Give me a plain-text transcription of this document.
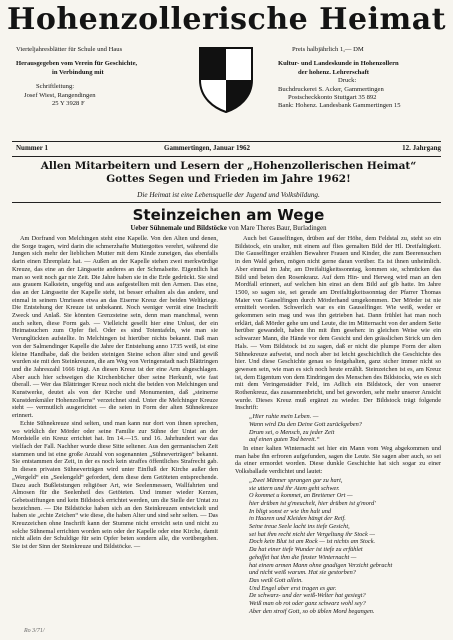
Hohenzollerische Heimat
Vierteljahresblätter für Schule und Haus
Herausgegeben vom Verein für Geschichte,
in Verbindung mit
Schriftleitung:
Josef Wiest, Rangendingen
25 Y 3928 F
Preis halbjährlich 1,— DM
Kultur- und Landeskunde in Hohenzollern
der hohenz. Lehrerschaft
Druck:
Buchdruckerei S. Acker, Gammertingen
Postscheckkonto Stuttgart 35 892
Bank: Hohenz. Landesbank Gammertingen 15
Nummer 1	Gammertingen, Januar 1962	12. Jahrgang
Allen Mitarbeitern und Lesern der „Hohenzollerischen Heimat“
Gottes Segen und Frieden im Jahre 1962!
Die Heimat ist eine Lebensquelle der Jugend und Volksbildung.
Steinzeichen am Wege
Ueber Sühnemale und Bildstöcke von Mare Theres Baur, Burladingen

Am Dorfrand von Melchingen steht eine Kapelle. Von den Alten und denen, die Sorge tragen, wird darin die schmerzhafte Muttergottes verehrt, während die Jungen sich mehr der lieblichen Mutter mit dem Kinde zuneigen, das ebenfalls darin einen Ehrenplatz hat. — Außen an der Kapelle stehen zwei merkwürdige Kreuze, das eine an der Längsseite anderes an der Schmalseite. Eigentlich hat man so weit noch gar nie Zeit. Die Jahre haben sie in die Erde gedrückt. Sie sind aus grauem Kalkstein, ungefüg und aus aufgestellten mit den Armen. Das eine, das an der Längsseite der Kapelle steht, ist besser erhalten als das andere, und einmal in seinem Umrissen etwa an das Eiserne Kreuz der beiden Weltkriege. Die Entstehung der Kreuze ist unbekannt. Noch weniger verrät eine Inschrift Zweck und Anlaß. Sie könnten Grenzsteine sein, denn man manchmal, wenn auch selten, diese Form gab. — Vielleicht gesellt hier eine Unlust, der ein Heimatsuchen zum Opfer fiel. Oder es sind Totentafeln, wie man sie Verunglückten aufstellte. In Melchingen ist hierüber nichts bekannt. Daß man von der Salmendinger Kapelle die Jahre der Entstehung anno 1735 weiß, ist eine kleine Handhabe, daß die beiden steinigen Steine schon älter sind und gewiß wurden sie mit den Steinkreuzen, die am Weg von Veringenstadt nach Blättringen und die Jahreszahl 1666 trägt. An diesen Kreuz ist der eine Arm abgeschlagen. Aber auch hier schweigen die Kirchenbücher über seine Herkunft, wie fast überall. — Wer das Blättringer Kreuz noch nicht die beiden von Melchingen und Kunstwerke, deutet als von der Kirche und Monumenten, daß „steinerne Kunstdenkmäler Hohenzollerns“ verzeichnet sind. Unter die Melchinger Kreuze steht — vermutlich ausgerichtet — die seien in Form der alten Sühnekreuze erinnert.

Echte Sühnekreuze sind selten, und man kann nur dort von ihnen sprechen, wo wirklich der Mörder oder seine Familie zur Sühne der Untat an der Mordstelle ein Kreuz errichtet hat. Im 14.—15. und 16. Jahrhundert war das vielfach der Fall. Nachher wurde diese Sitte seltener. Aus den germanischen Zeit stammen und ist eine große Anzahl von sogenannten „Sühneverträgen“ bekannt. Sie entstammen der Zeit, in der es noch kein straffes öffentliches Strafrecht gab. In diesen privaten Sühneverträgen wird unter Einfluß der Kirche außer den „Wergeld“ ein „Seelengeld“ gefordert, dem diese dem Getöteten entsprechende. Dazu auch Bußleistungen religiöser Art, wie Seelenmessen, Wallfahrten und Almosen für die Seelenheil des Getöteten. Und immer wieder Kerzen, Gebetsstiftungen und kein Bildstock errichtet werden, um die Stelle der Untat zu bezeichnen. — Die Bildstöcke haben sich an den Steinkreuzen entwickelt und haben sie „echte Zeichen“ wie diese, die haben Alter und sind sehr selten. — Das Kreuzzeichen ohne Inschrift kann der Stumme nicht erreicht sein und nicht zu solche Sühnemal errichten worden sein oder der Kapelle oder eine Kirche, damit nicht allein der Schuldige für sein Opfer beten sondern alle, die vorübergehen. Sie ist der Sinn der Steinkreuze und Bildstöcke. —

Auch bei Gauselfingen, drüben auf der Höhe, dem Feldstal zu, steht so ein Bildstock, ein uralter, mit einem auf flies gemalten Bild der Hl. Dreifaltigkeit. Die Gauselfinger erzählen Bewahrer Frauen und Kinder, die zum Beerensuchen in den Wald gehen, mögen nicht gerne daran vorüber. Es ist ihnen unheimlich. Aber einmal im Jahr, am Dreifaltigkeitssonntag, kommen sie, schmücken das Bild und beten den Rosenkranz. Auf dem Hin- und Herweg wird man an den Mordfall erinnert, auf welchen hin einst an dem Bild auf gib hatte. Im Jahre 1500, so sagen sie, sei gerade am Dreifaltigkeitssonntag der Pfarrer Thomas Maier von Gauselfingen durch Mörderhand umgekommen. Der Mörder ist nie ermittelt worden. Schwerlich war es ein Gauselfinger. Wie weiß, weder er gekommen sein mag und was ihn getrieben hat. Dann frühlet hat man noch erklärt, daß Mörder gehe um und Leute, die im Mitternacht von der andern Seite herüber gewandelt, haben ihn mit ihm gesehen: in gleichen Weise wie ein schwarzer Mann, die Hände vor dem Gesicht und den grässlichen Strick um den Hals. — Vom Bildstock ist zu sagen, daß er nicht die plumpe Form der alten Sühnekreuze aufweist, und noch aber ist leicht geschichtlich die Geschichte des hier. Und diese Geschichte genau so festgehalten, ganz sicher immer nicht so gewesen sein, wie man es sich noch heute erzählt. Steinzeichen ist es, am Kreuz ist, dem Eigentum von dem Eindringen des Menschen des Bildstocks, wie es sich mit dem Veringenstädter Feld, im Adlich ein Bildstock, der von unserer Rothenkreuz, das zusammenbricht, und bei geworden, sehr mehr unserer Ansicht wurde. Dieses Kreuz muß ergänzt zu wieder. Der Bildstock trägt folgende Inschrift:

„Hier ruhte mein Leben. —
Wann wird Du den Deine Gott zurückgeben?
Drum sei, o Mensch, zu jeder Zeit
auf einen guten Tod bereit.“

In einer kalten Winternacht sei hier ein Mann vom Weg abgekommen und man habe ihn erfroren aufgefunden, sagen die Leute. Sie sagen aber auch, so sei da einer ermordet worden. Diese dunkle Geschichte hat sich sogar zu einer Volksballade verdichtet und lautet:

„Zwei Männer sprangen gar zu hart,
sie uttern und ihr Atem geht schwer.
O kommet u kommet, an Breitener Ort —
hier drüben ist g'meuchelt, hier drüben ist g'mord'
In bligt sonst er wie ihn halt und
in Haaren und Kleiden hängt der Reif.
Seine treue Seele lacht ins tiefe Gesicht,
sei hat ihm recht nicht der Vergeltung ihr Stock —
Doch kein Blut ist am Rock — ist nichts am Stock.
Da hat einer tiefe Wunder ist tiefe zu erfühlet
gehoffet hat ihm die finster Winternacht —
hat einem armen Mann ohne gnadigen Verzicht gebracht
und nicht weiß warum. Hat sie gestorben?
Das weiß Gott allein.
Und Engel aber erst tragen es gar.
De schwarz- und der weiß-Welter hat gesiegt?
Weiß man ob rot oder ganz schwarz wohl sey?
Aber den stroif Gott, so ob üblen Mord begangen.

Ro 3/71/
